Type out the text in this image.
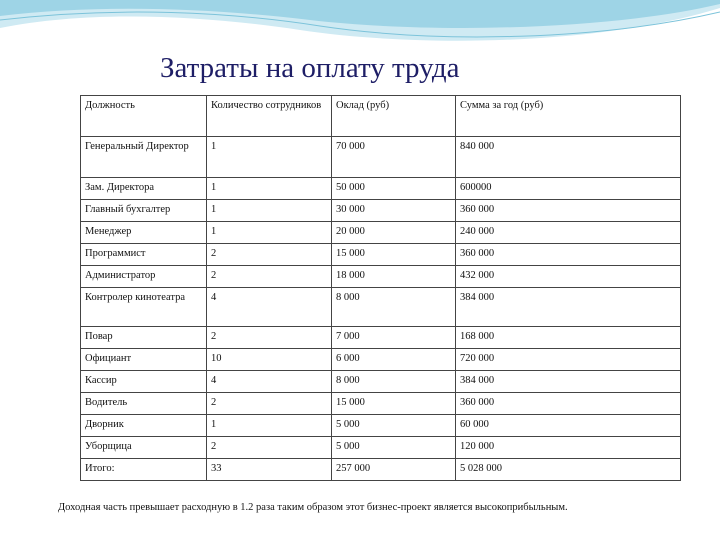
Затраты на оплату труда
Должность	Количество сотрудников	Оклад (руб)	Сумма за год (руб)
Генеральный Директор	1	70 000	840 000
Зам. Директора	1	50 000	600000
Главный бухгалтер	1	30 000	360 000
Менеджер	1	20 000	240 000
Программист	2	15 000	360 000
Администратор	2	18 000	432 000
Контролер кинотеатра	4	8 000	384 000
Повар	2	7 000	168 000
Официант	10	6 000	720 000
Кассир	4	8 000	384 000
Водитель	2	15 000	360 000
Дворник	1	5 000	60 000
Уборщица	2	5 000	120 000
Итого:	33	257 000	5 028 000
Доходная часть превышает расходную в 1.2 раза таким образом этот бизнес-проект является высокоприбыльным.
